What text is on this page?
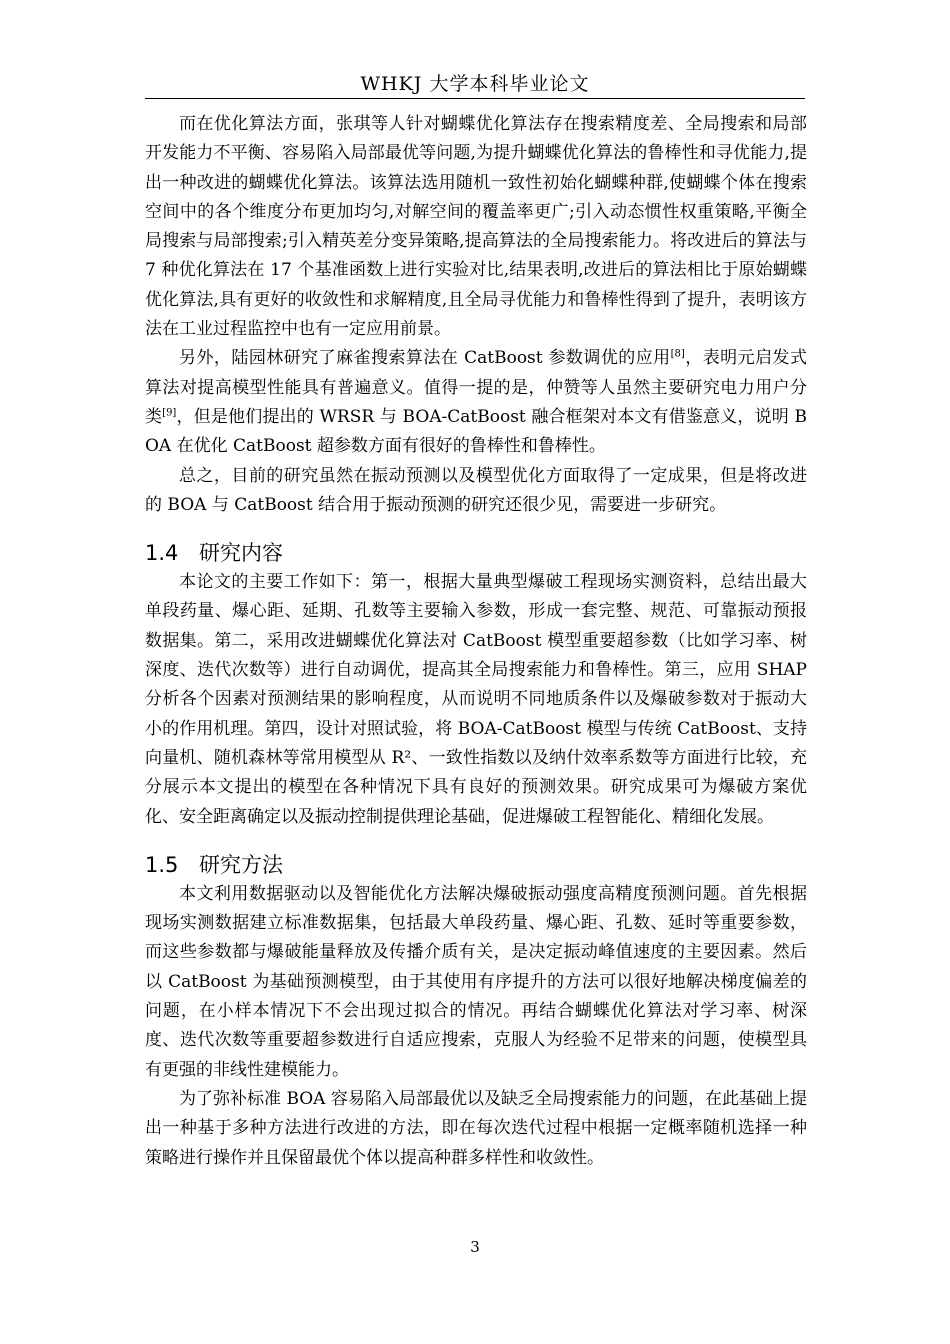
WHKJ 大学本科毕业论文

而在优化算法方面，张琪等人针对蝴蝶优化算法存在搜索精度差、全局搜索和局部开发能力不平衡、容易陷入局部最优等问题,为提升蝴蝶优化算法的鲁棒性和寻优能力,提出一种改进的蝴蝶优化算法。该算法选用随机一致性初始化蝴蝶种群,使蝴蝶个体在搜索空间中的各个维度分布更加均匀,对解空间的覆盖率更广;引入动态惯性权重策略,平衡全局搜索与局部搜索;引入精英差分变异策略,提高算法的全局搜索能力。将改进后的算法与 7 种优化算法在 17 个基准函数上进行实验对比,结果表明,改进后的算法相比于原始蝴蝶优化算法,具有更好的收敛性和求解精度,且全局寻优能力和鲁棒性得到了提升，表明该方法在工业过程监控中也有一定应用前景。

另外，陆园林研究了麻雀搜索算法在 CatBoost 参数调优的应用[8]，表明元启发式算法对提高模型性能具有普遍意义。值得一提的是，仲赞等人虽然主要研究电力用户分类[9]，但是他们提出的 WRSR 与 BOA-CatBoost 融合框架对本文有借鉴意义，说明 BOA 在优化 CatBoost 超参数方面有很好的鲁棒性和鲁棒性。

总之，目前的研究虽然在振动预测以及模型优化方面取得了一定成果，但是将改进的 BOA 与 CatBoost 结合用于振动预测的研究还很少见，需要进一步研究。

1.4 研究内容

本论文的主要工作如下：第一，根据大量典型爆破工程现场实测资料，总结出最大单段药量、爆心距、延期、孔数等主要输入参数，形成一套完整、规范、可靠振动预报数据集。第二，采用改进蝴蝶优化算法对 CatBoost 模型重要超参数（比如学习率、树深度、迭代次数等）进行自动调优，提高其全局搜索能力和鲁棒性。第三，应用 SHAP 分析各个因素对预测结果的影响程度，从而说明不同地质条件以及爆破参数对于振动大小的作用机理。第四，设计对照试验，将 BOA-CatBoost 模型与传统 CatBoost、支持向量机、随机森林等常用模型从 R²、一致性指数以及纳什效率系数等方面进行比较，充分展示本文提出的模型在各种情况下具有良好的预测效果。研究成果可为爆破方案优化、安全距离确定以及振动控制提供理论基础，促进爆破工程智能化、精细化发展。

1.5 研究方法

本文利用数据驱动以及智能优化方法解决爆破振动强度高精度预测问题。首先根据现场实测数据建立标准数据集，包括最大单段药量、爆心距、孔数、延时等重要参数，而这些参数都与爆破能量释放及传播介质有关，是决定振动峰值速度的主要因素。然后以 CatBoost 为基础预测模型，由于其使用有序提升的方法可以很好地解决梯度偏差的问题，在小样本情况下不会出现过拟合的情况。再结合蝴蝶优化算法对学习率、树深度、迭代次数等重要超参数进行自适应搜索，克服人为经验不足带来的问题，使模型具有更强的非线性建模能力。

为了弥补标准 BOA 容易陷入局部最优以及缺乏全局搜索能力的问题，在此基础上提出一种基于多种方法进行改进的方法，即在每次迭代过程中根据一定概率随机选择一种策略进行操作并且保留最优个体以提高种群多样性和收敛性。

3
